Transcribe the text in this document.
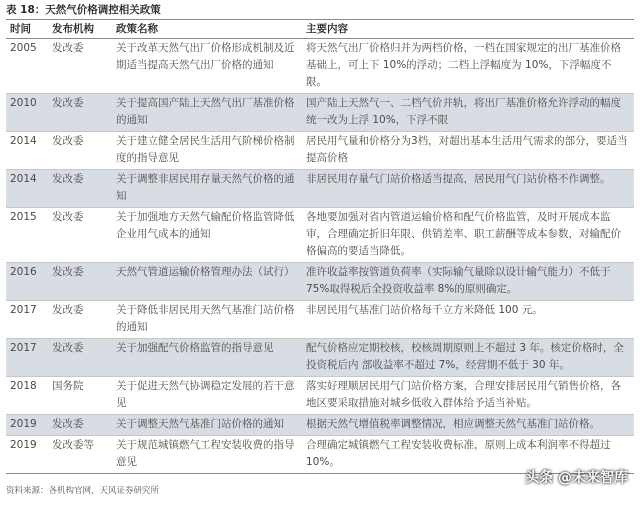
表 18：天然气价格调控相关政策
时间	发布机构	政策名称	主要内容
2005	发改委	关于改革天然气出厂价格形成机制及近期适当提高天然气出厂价格的通知	将天然气出厂价格归并为两档价格，一档在国家规定的出厂基准价格基础上，可上下 10%的浮动；二档上浮幅度为 10%，下浮幅度不限。
2010	发改委	关于提高国产陆上天然气出厂基准价格的通知	国产陆上天然气一、二档气价并轨，将出厂基准价格允许浮动的幅度统一改为上浮 10%，下浮不限
2014	发改委	关于建立健全居民生活用气阶梯价格制度的指导意见	居民用气量和价格分为3档，对超出基本生活用气需求的部分，要适当提高价格
2014	发改委	关于调整非居民用存量天然气价格的通知	非居民用存量气门站价格适当提高，居民用气门站价格不作调整。
2015	发改委	关于加强地方天然气输配价格监管降低企业用气成本的通知	各地要加强对省内管道运输价格和配气价格监管，及时开展成本监审，合理确定折旧年限、供销差率、职工薪酬等成本参数，对输配价格偏高的要适当降低。
2016	发改委	天然气管道运输价格管理办法（试行）	准许收益率按管道负荷率（实际输气量除以设计输气能力）不低于 75%取得税后全投资收益率 8%的原则确定。
2017	发改委	关于降低非居民用天然气基准门站价格的通知	非居民用气基准门站价格每千立方米降低 100 元。
2017	发改委	关于加强配气价格监管的指导意见	配气价格应定期校核，校核周期原则上不超过 3 年。核定价格时，全投资税后内 部收益率不超过 7%，经营期不低于 30 年。
2018	国务院	关于促进天然气协调稳定发展的若干意见	落实好理顺居民用气门站价格方案，合理安排居民用气销售价格，各地区要采取措施对城乡低收入群体给予适当补贴。
2019	发改委	关于调整天然气基准门站价格的通知	根据天然气增值税率调整情况，相应调整天然气基准门站价格。
2019	发改委等	关于规范城镇燃气工程安装收费的指导意见	合理确定城镇燃气工程安装收费标准，原则上成本利润率不得超过 10%。
资料来源：各机构官网，天风证券研究所
头条 @未来智库
